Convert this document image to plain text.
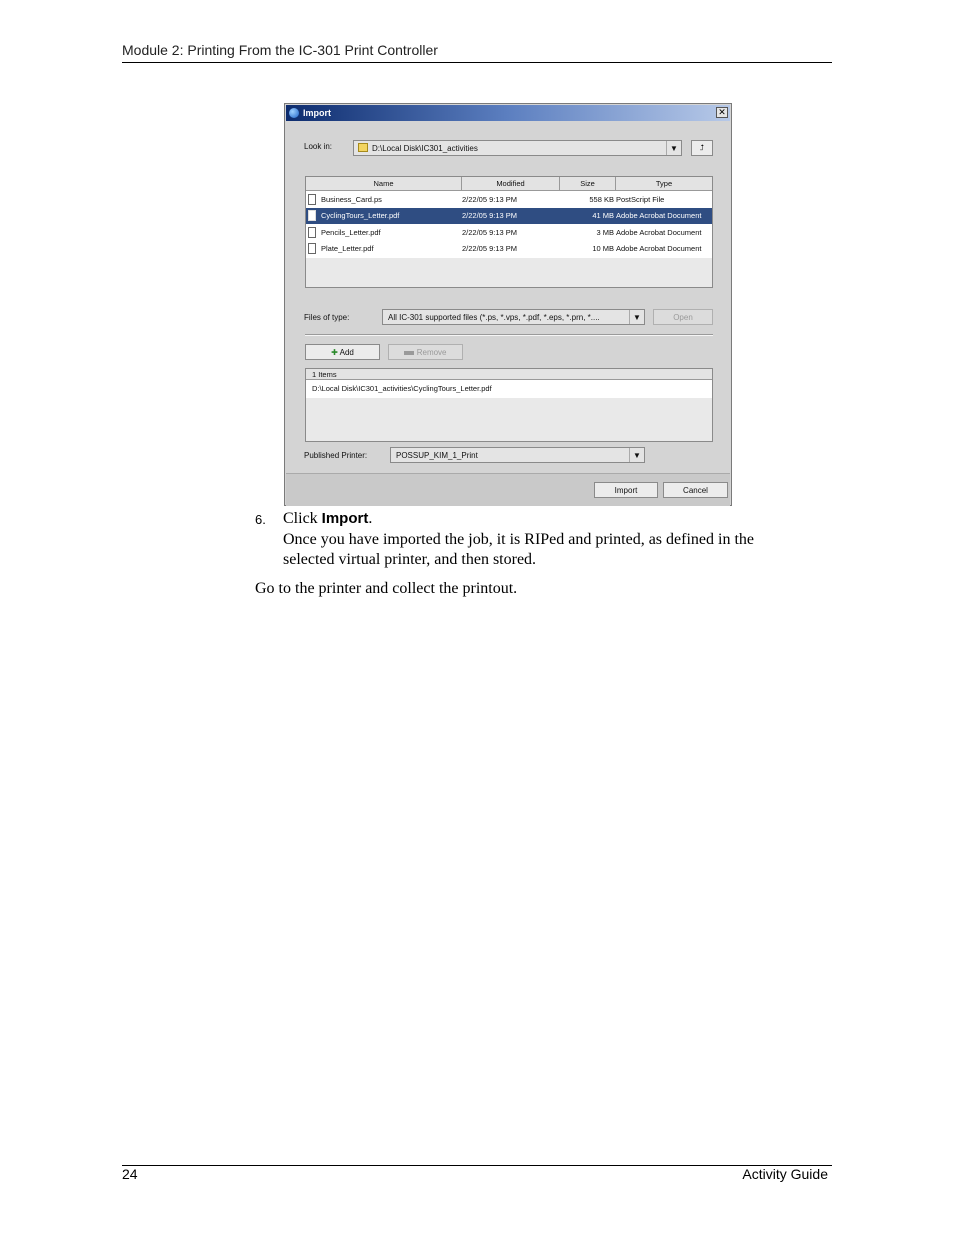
Module 2: Printing From the IC-301 Print Controller
Import	✕
Look in:	D:\Local Disk\IC301_activities	▼	⮥
Name	Modified	Size	Type
Business_Card.ps	2/22/05 9:13 PM	558 KB PostScript File
CyclingTours_Letter.pdf	2/22/05 9:13 PM	41 MB Adobe Acrobat Document
Pencils_Letter.pdf	2/22/05 9:13 PM	3 MB Adobe Acrobat Document
Plate_Letter.pdf	2/22/05 9:13 PM	10 MB Adobe Acrobat Document
Files of type:	All IC-301 supported files (*.ps, *.vps, *.pdf, *.eps, *.prn, *....	▼	Open
✚ Add	Remove
1 Items
D:\Local Disk\IC301_activities\CyclingTours_Letter.pdf
Published Printer:	POSSUP_KIM_1_Print	▼
Import	Cancel
6. Click Import.
Once you have imported the job, it is RIPed and printed, as defined in the selected virtual printer, and then stored.
Go to the printer and collect the printout.
24	Activity Guide
